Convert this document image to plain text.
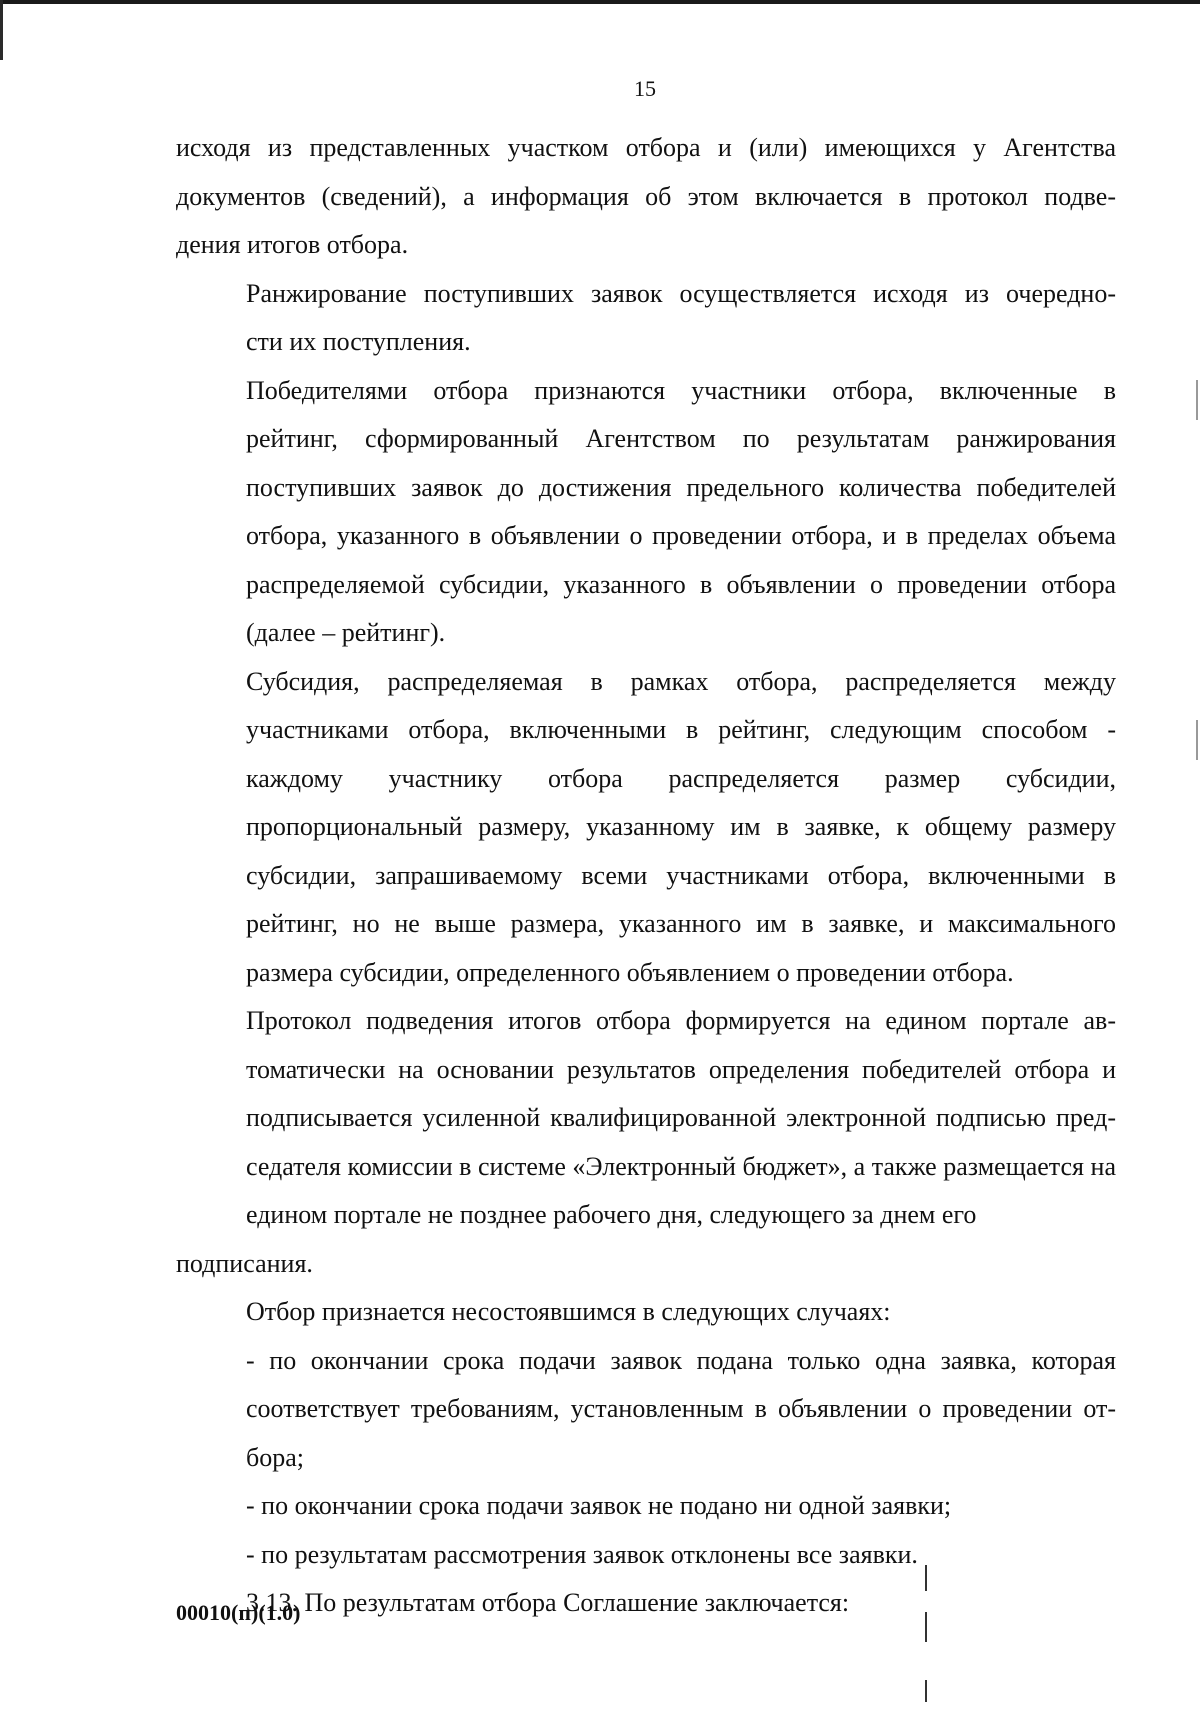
15
исходя из представленных участком отбора и (или) имеющихся у Агентства
документов (сведений), а информация об этом включается в протокол подве-
дения итогов отбора.
Ранжирование поступивших заявок осуществляется исходя из очередно-
сти их поступления.
Победителями отбора признаются участники отбора, включенные в
рейтинг, сформированный Агентством по результатам ранжирования
поступивших заявок до достижения предельного количества победителей
отбора, указанного в объявлении о проведении отбора, и в пределах объема
распределяемой субсидии, указанного в объявлении о проведении отбора
(далее – рейтинг).
Субсидия, распределяемая в рамках отбора, распределяется между
участниками отбора, включенными в рейтинг, следующим способом -
каждому участнику отбора распределяется размер субсидии,
пропорциональный размеру, указанному им в заявке, к общему размеру
субсидии, запрашиваемому всеми участниками отбора, включенными в
рейтинг, но не выше размера, указанного им в заявке, и максимального
размера субсидии, определенного объявлением о проведении отбора.
Протокол подведения итогов отбора формируется на едином портале ав-
томатически на основании результатов определения победителей отбора и
подписывается усиленной квалифицированной электронной подписью пред-
седателя комиссии в системе «Электронный бюджет», а также размещается на
едином портале не позднее рабочего дня, следующего за днем его подписания.
Отбор признается несостоявшимся в следующих случаях:
- по окончании срока подачи заявок подана только одна заявка, которая
соответствует требованиям, установленным в объявлении о проведении от-
бора;
- по окончании срока подачи заявок не подано ни одной заявки;
- по результатам рассмотрения заявок отклонены все заявки.
3.13. По результатам отбора Соглашение заключается:
00010(п)(1.0)
